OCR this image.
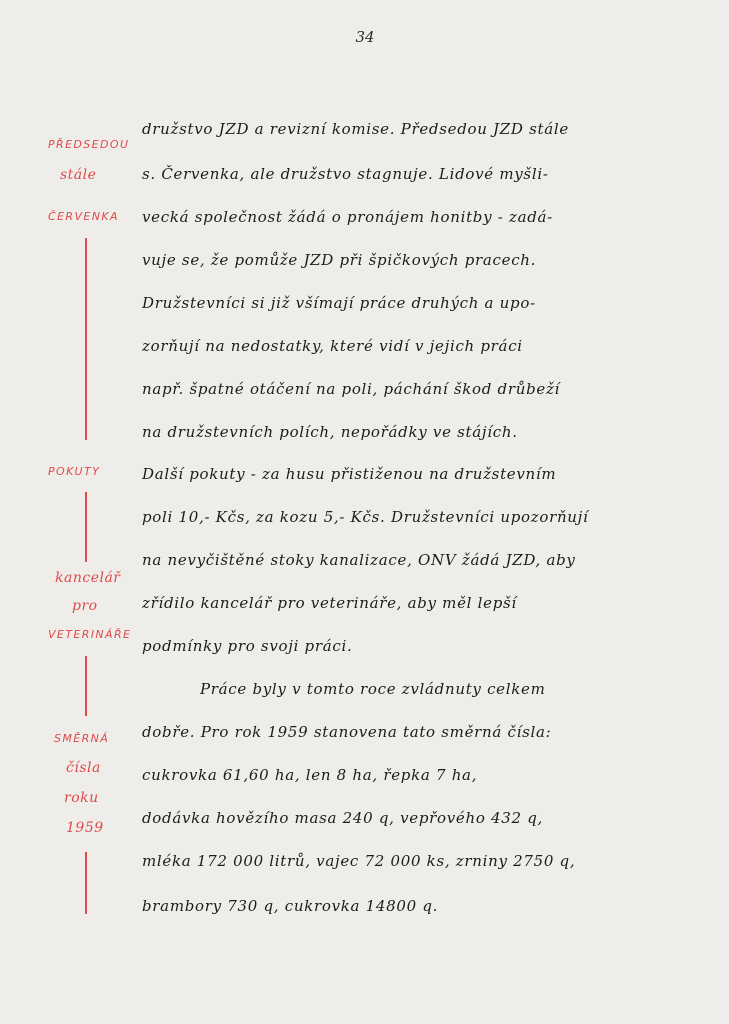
34
PŘEDSEDOU
stále
ČERVENKA
POKUTY
kancelář
pro
VETERINÁŘE
SMĚRNÁ
čísla
roku
1959
družstvo JZD a revizní komise. Předsedou JZD stále
s. Červenka, ale družstvo stagnuje. Lidové myšli-
vecká společnost žádá o pronájem honitby - zadá-
vuje se, že pomůže JZD při špičkových pracech.
Družstevníci si již všímají práce druhých a upo-
zorňují na nedostatky, které vidí v jejich práci
např. špatné otáčení na poli, páchání škod drůbeží
na družstevních polích, nepořádky ve stájích.
Další pokuty - za husu přistiženou na družstevním
poli 10,- Kčs, za kozu 5,- Kčs. Družstevníci upozorňují
na nevyčištěné stoky kanalizace, ONV žádá JZD, aby
zřídilo kancelář pro veterináře, aby měl lepší
podmínky pro svoji práci.
Práce byly v tomto roce zvládnuty celkem
dobře. Pro rok 1959 stanovena tato směrná čísla:
cukrovka 61,60 ha, len 8 ha, řepka 7 ha,
dodávka hovězího masa 240 q, vepřového 432 q,
mléka 172 000 litrů, vajec 72 000 ks, zrniny 2750 q,
brambory 730 q, cukrovka 14800 q.
